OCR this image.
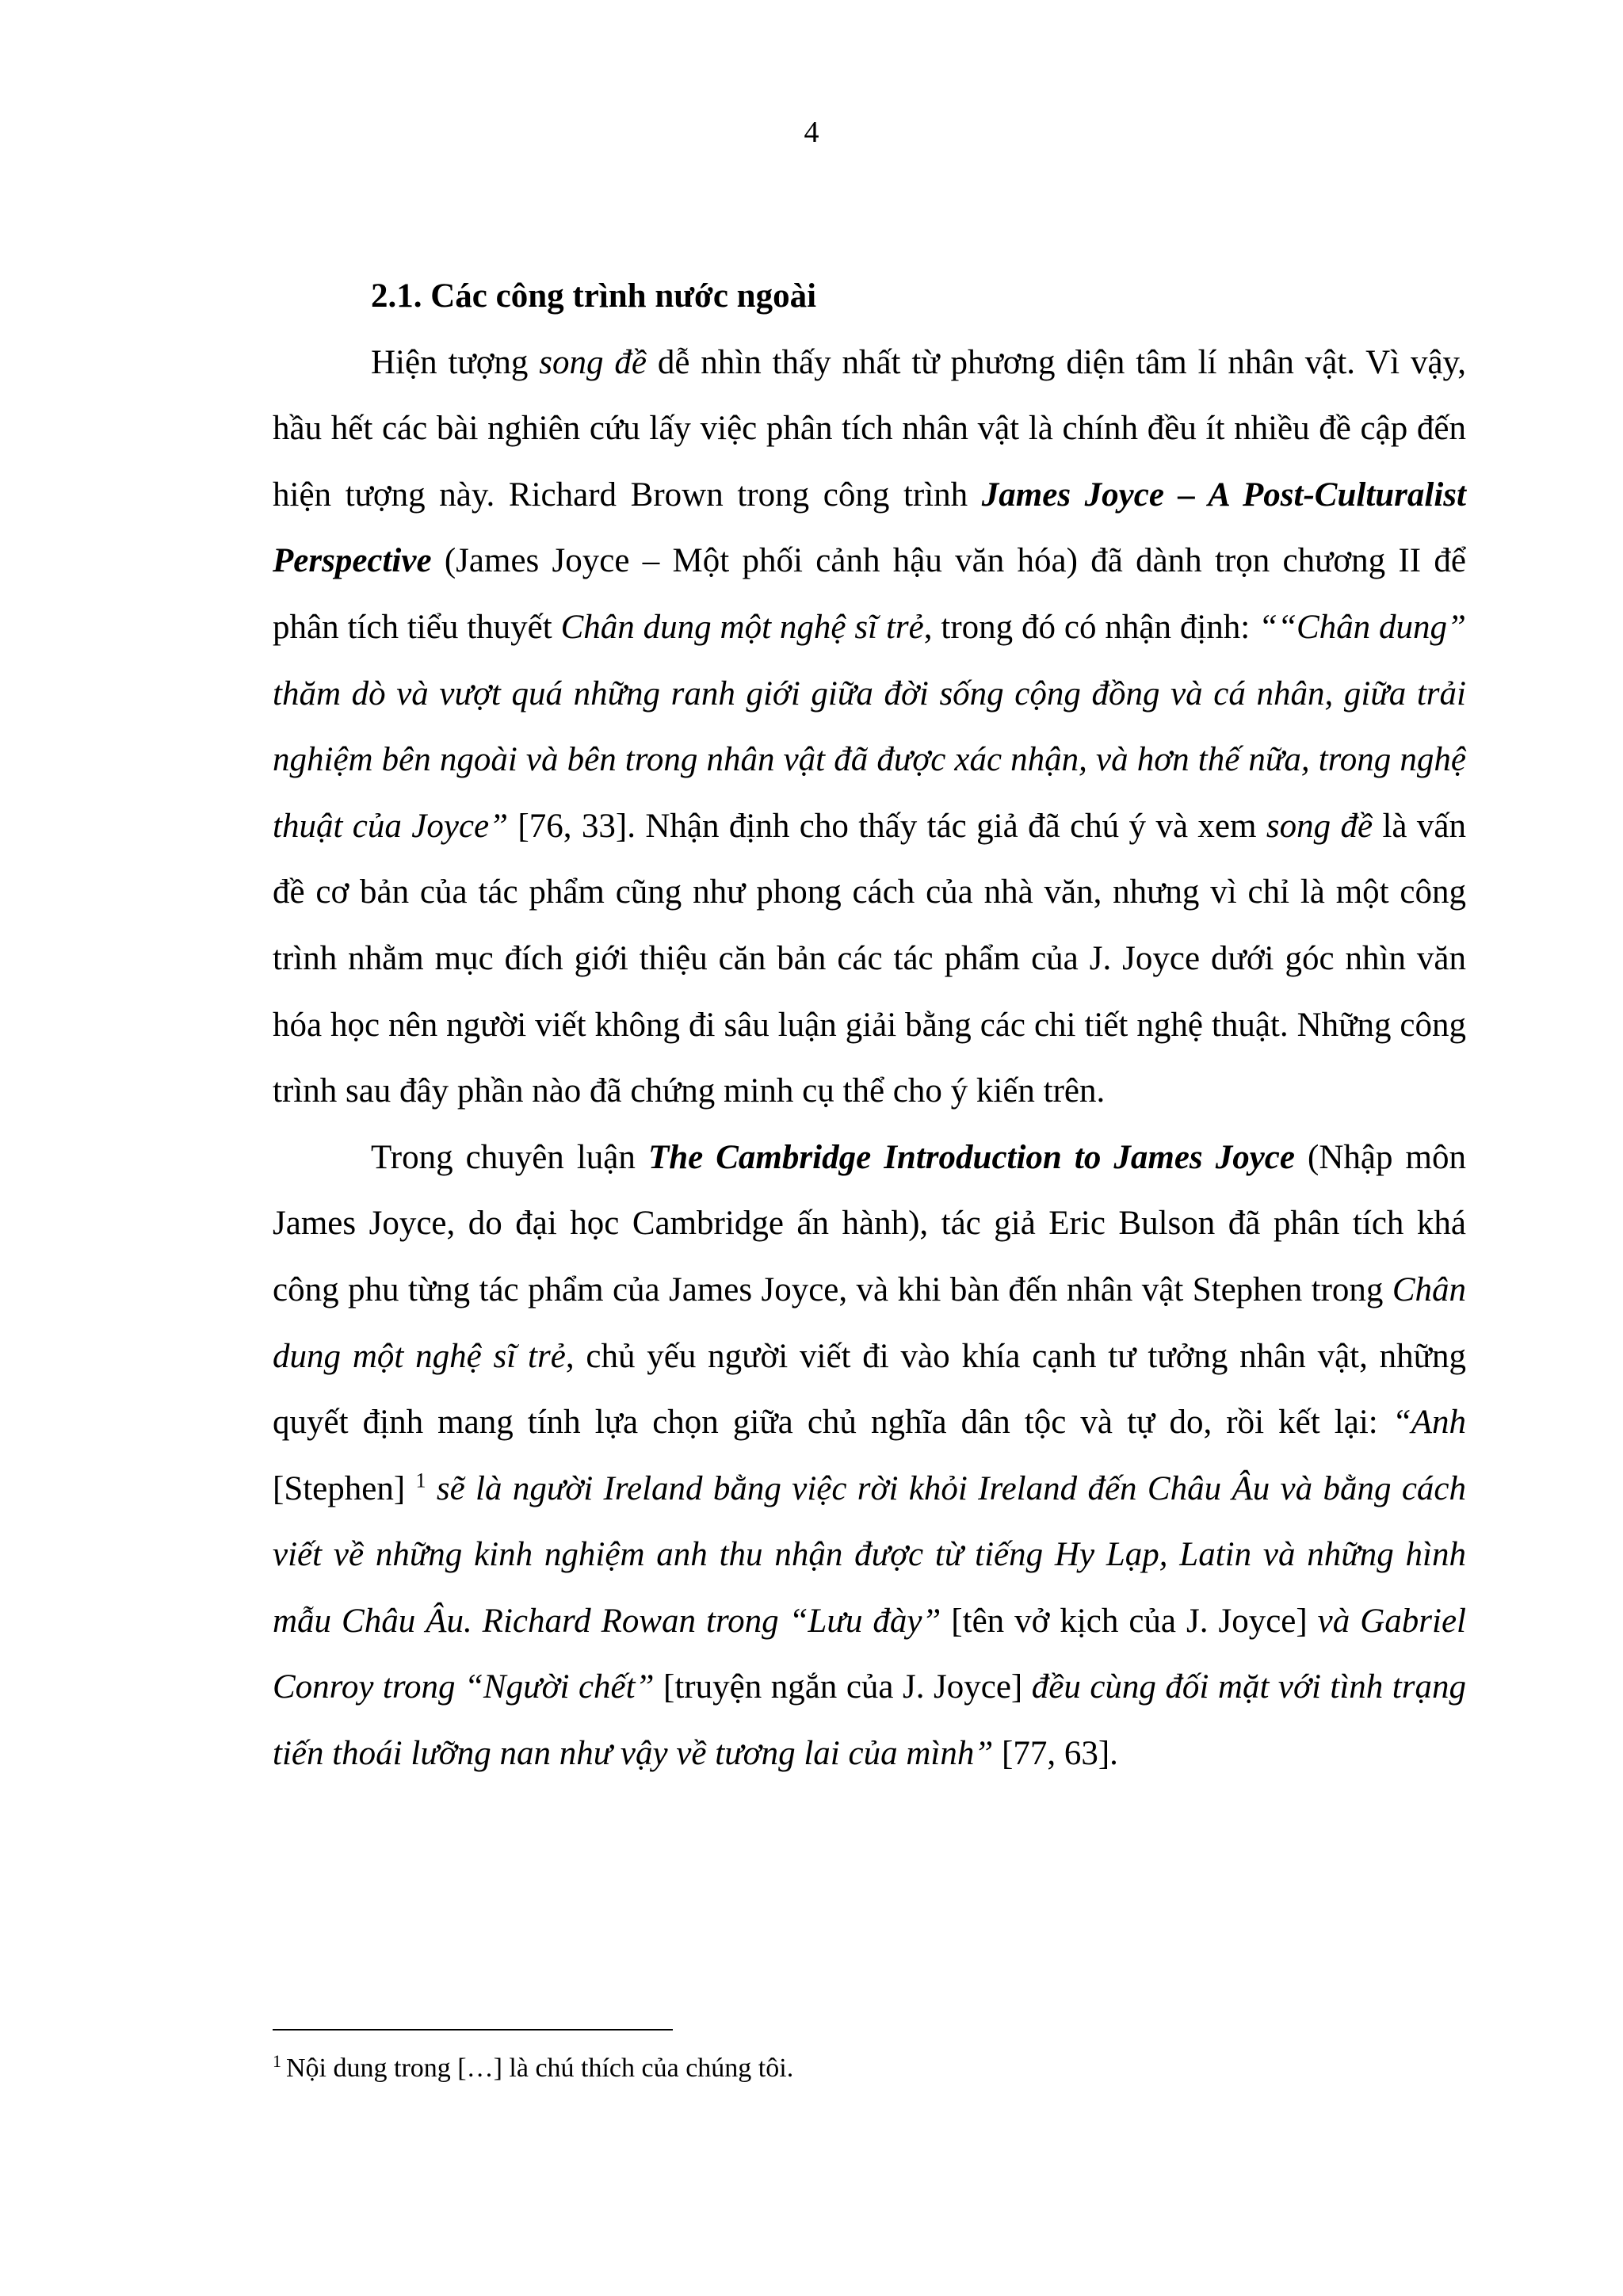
4

2.1. Các công trình nước ngoài

Hiện tượng song đề dễ nhìn thấy nhất từ phương diện tâm lí nhân vật. Vì vậy, hầu hết các bài nghiên cứu lấy việc phân tích nhân vật là chính đều ít nhiều đề cập đến hiện tượng này. Richard Brown trong công trình James Joyce – A Post-Culturalist Perspective (James Joyce – Một phối cảnh hậu văn hóa) đã dành trọn chương II để phân tích tiểu thuyết Chân dung một nghệ sĩ trẻ, trong đó có nhận định: ““Chân dung” thăm dò và vượt quá những ranh giới giữa đời sống cộng đồng và cá nhân, giữa trải nghiệm bên ngoài và bên trong nhân vật đã được xác nhận, và hơn thế nữa, trong nghệ thuật của Joyce” [76, 33]. Nhận định cho thấy tác giả đã chú ý và xem song đề là vấn đề cơ bản của tác phẩm cũng như phong cách của nhà văn, nhưng vì chỉ là một công trình nhằm mục đích giới thiệu căn bản các tác phẩm của J. Joyce dưới góc nhìn văn hóa học nên người viết không đi sâu luận giải bằng các chi tiết nghệ thuật. Những công trình sau đây phần nào đã chứng minh cụ thể cho ý kiến trên.

Trong chuyên luận The Cambridge Introduction to James Joyce (Nhập môn James Joyce, do đại học Cambridge ấn hành), tác giả Eric Bulson đã phân tích khá công phu từng tác phẩm của James Joyce, và khi bàn đến nhân vật Stephen trong Chân dung một nghệ sĩ trẻ, chủ yếu người viết đi vào khía cạnh tư tưởng nhân vật, những quyết định mang tính lựa chọn giữa chủ nghĩa dân tộc và tự do, rồi kết lại: “Anh [Stephen] $^1$ sẽ là người Ireland bằng việc rời khỏi Ireland đến Châu Âu và bằng cách viết về những kinh nghiệm anh thu nhận được từ tiếng Hy Lạp, Latin và những hình mẫu Châu Âu. Richard Rowan trong “Lưu đày” [tên vở kịch của J. Joyce] và Gabriel Conroy trong “Người chết” [truyện ngắn của J. Joyce] đều cùng đối mặt với tình trạng tiến thoái lưỡng nan như vậy về tương lai của mình” [77, 63].

$^1$ Nội dung trong […] là chú thích của chúng tôi.
